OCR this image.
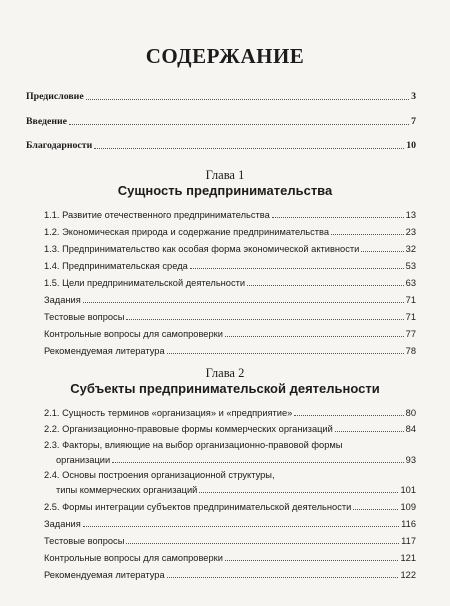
СОДЕРЖАНИЕ
Предисловие	3
Введение	7
Благодарности	10
Глава 1
Сущность предпринимательства
1.1. Развитие отечественного предпринимательства	13
1.2. Экономическая природа и содержание предпринимательства	23
1.3. Предпринимательство как особая форма экономической активности	32
1.4. Предпринимательская среда	53
1.5. Цели предпринимательской деятельности	63
Задания	71
Тестовые вопросы	71
Контрольные вопросы для самопроверки	77
Рекомендуемая литература	78
Глава 2
Субъекты предпринимательской деятельности
2.1. Сущность терминов «организация» и «предприятие»	80
2.2. Организационно-правовые формы коммерческих организаций	84
2.3. Факторы, влияющие на выбор организационно-правовой формы
организации	93
2.4. Основы построения организационной структуры,
типы коммерческих организаций	101
2.5. Формы интеграции субъектов предпринимательской деятельности	109
Задания	116
Тестовые вопросы	117
Контрольные вопросы для самопроверки	121
Рекомендуемая литература	122
